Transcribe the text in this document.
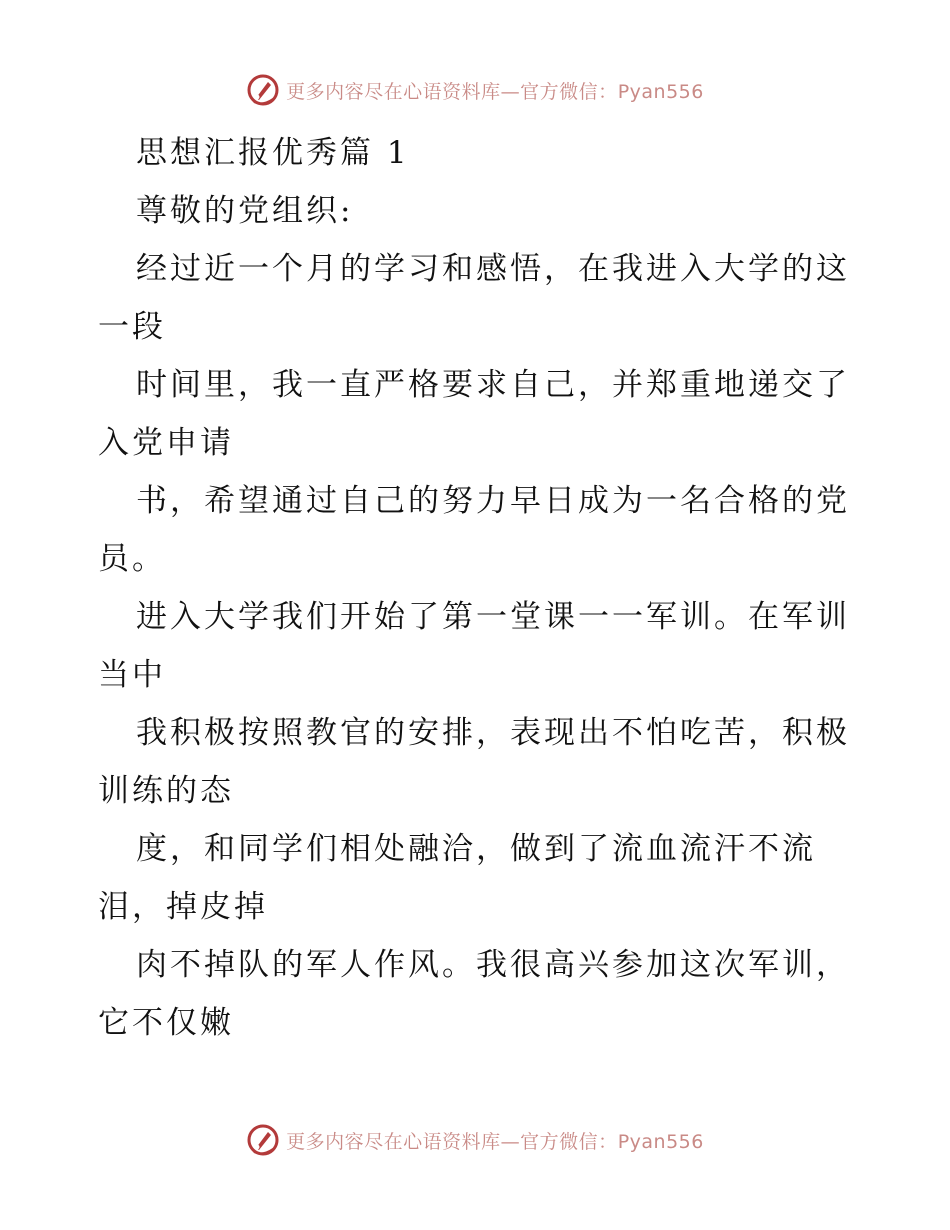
更多内容尽在心语资料库—官方微信：Pyan556
思想汇报优秀篇 1
尊敬的党组织:
经过近一个月的学习和感悟，在我进入大学的这
一段
时间里，我一直严格要求自己，并郑重地递交了
入党申请
书，希望通过自己的努力早日成为一名合格的党
员。
进入大学我们开始了第一堂课一一军训。在军训
当中
我积极按照教官的安排，表现出不怕吃苦，积极
训练的态
度，和同学们相处融洽，做到了流血流汗不流
泪，掉皮掉
肉不掉队的军人作风。我很高兴参加这次军训，
它不仅嫩
更多内容尽在心语资料库—官方微信：Pyan556
